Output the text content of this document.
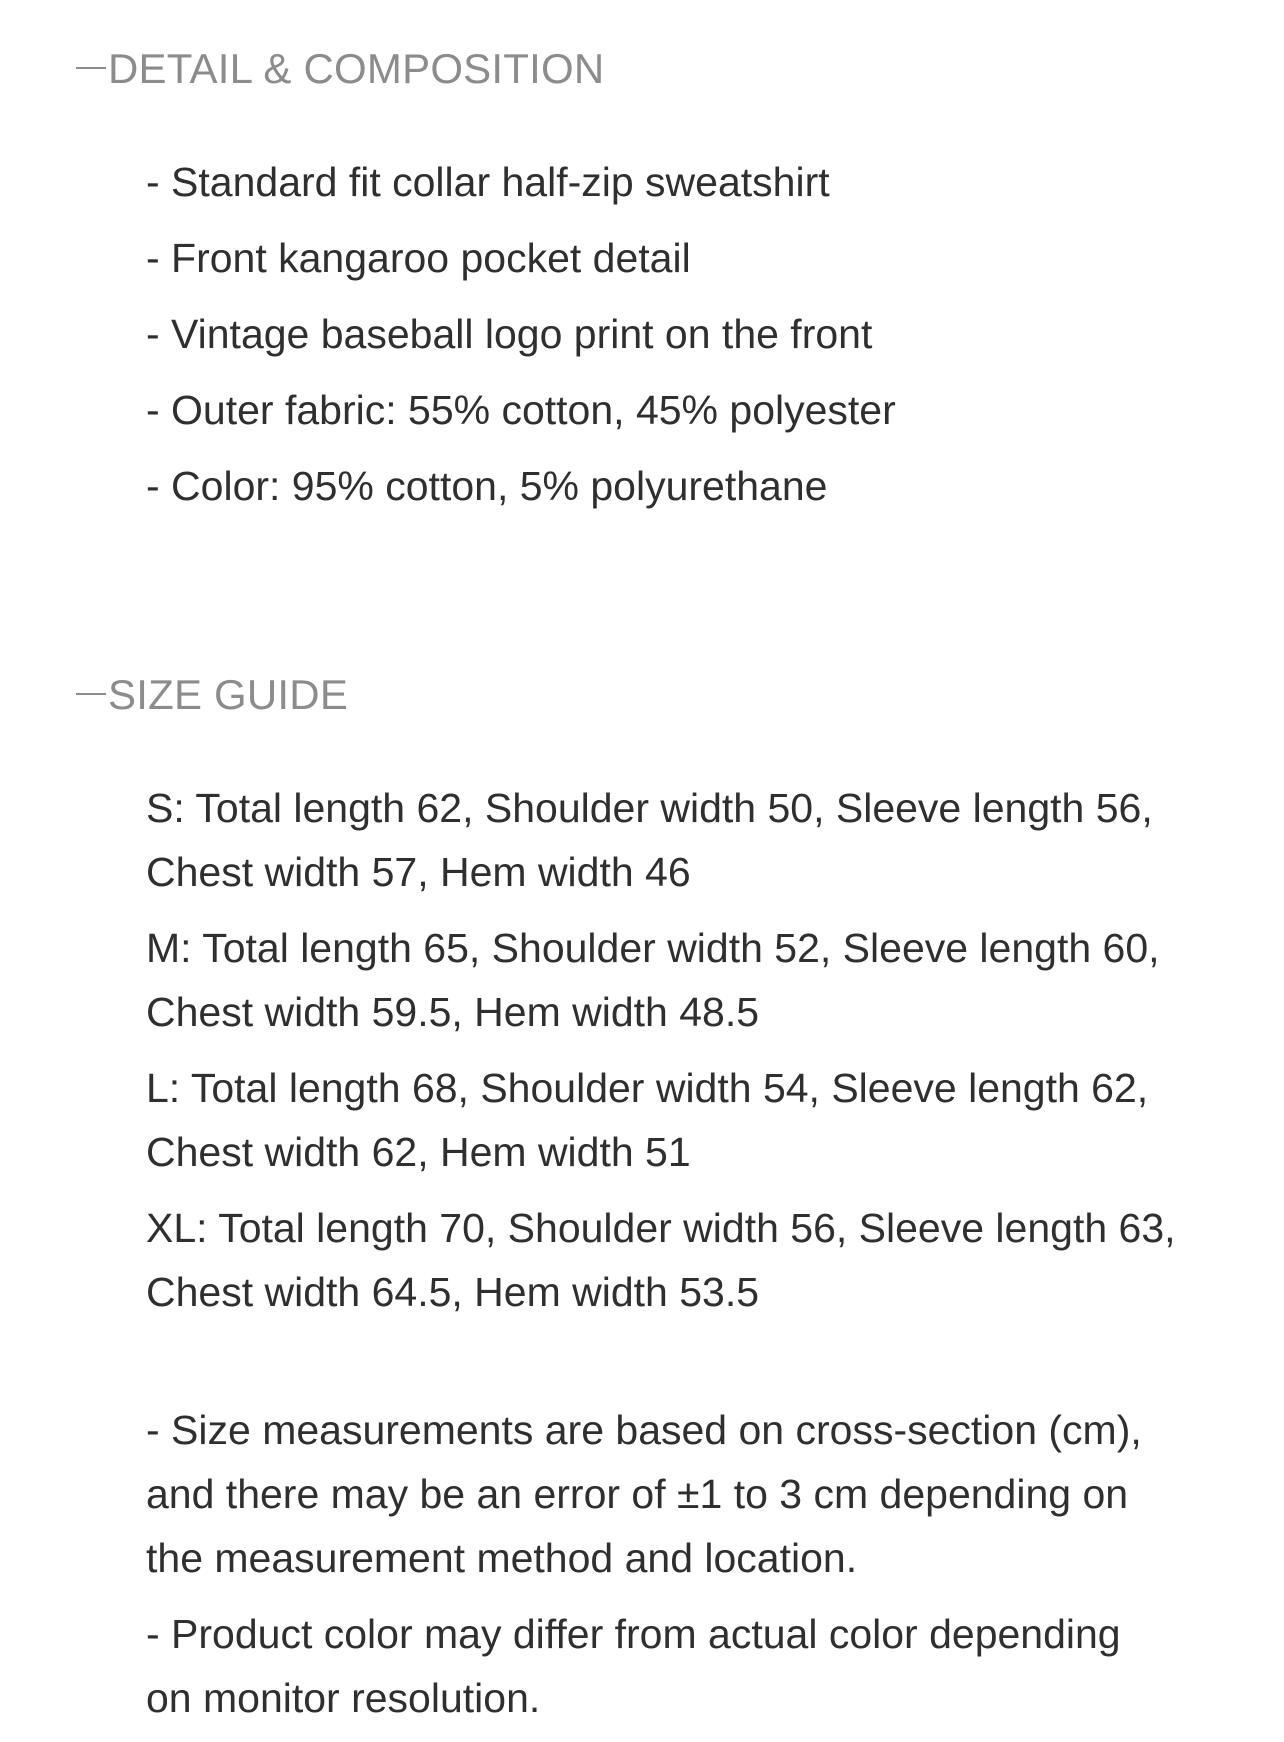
DETAIL & COMPOSITION
- Standard fit collar half-zip sweatshirt
- Front kangaroo pocket detail
- Vintage baseball logo print on the front
- Outer fabric: 55% cotton, 45% polyester
- Color: 95% cotton, 5% polyurethane
SIZE GUIDE

S: Total length 62, Shoulder width 50, Sleeve length 56,
Chest width 57, Hem width 46

M: Total length 65, Shoulder width 52, Sleeve length 60,
Chest width 59.5, Hem width 48.5

L: Total length 68, Shoulder width 54, Sleeve length 62,
Chest width 62, Hem width 51

XL: Total length 70, Shoulder width 56, Sleeve length 63,
Chest width 64.5, Hem width 53.5

- Size measurements are based on cross-section (cm),
and there may be an error of ±1 to 3 cm depending on
the measurement method and location.

- Product color may differ from actual color depending
on monitor resolution.
